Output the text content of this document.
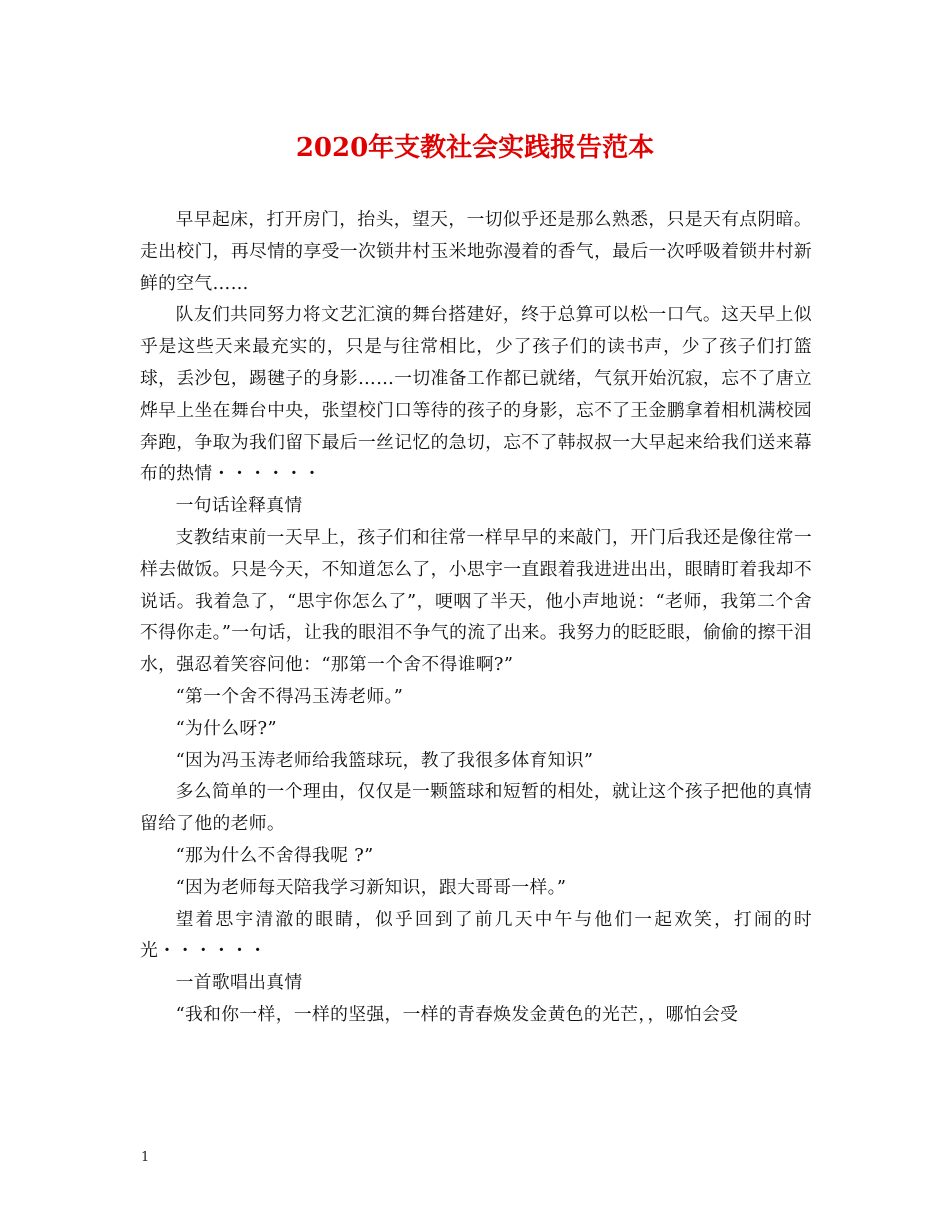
2020年支教社会实践报告范本

早早起床，打开房门，抬头，望天，一切似乎还是那么熟悉，只是天有点阴暗。走出校门，再尽情的享受一次锁井村玉米地弥漫着的香气，最后一次呼吸着锁井村新鲜的空气……

队友们共同努力将文艺汇演的舞台搭建好，终于总算可以松一口气。这天早上似乎是这些天来最充实的，只是与往常相比，少了孩子们的读书声，少了孩子们打篮球，丢沙包，踢毽子的身影……一切准备工作都已就绪，气氛开始沉寂，忘不了唐立烨早上坐在舞台中央，张望校门口等待的孩子的身影，忘不了王金鹏拿着相机满校园奔跑，争取为我们留下最后一丝记忆的急切，忘不了韩叔叔一大早起来给我们送来幕布的热情・・・・・・

一句话诠释真情

支教结束前一天早上，孩子们和往常一样早早的来敲门，开门后我还是像往常一样去做饭。只是今天，不知道怎么了，小思宇一直跟着我进进出出，眼睛盯着我却不说话。我着急了，“思宇你怎么了”，哽咽了半天，他小声地说：“老师，我第二个舍不得你走。”一句话，让我的眼泪不争气的流了出来。我努力的眨眨眼，偷偷的擦干泪水，强忍着笑容问他：“那第一个舍不得谁啊?”

“第一个舍不得冯玉涛老师。”

“为什么呀?”

“因为冯玉涛老师给我篮球玩，教了我很多体育知识”

多么简单的一个理由，仅仅是一颗篮球和短暂的相处，就让这个孩子把他的真情留给了他的老师。

“那为什么不舍得我呢 ?”

“因为老师每天陪我学习新知识，跟大哥哥一样。”

望着思宇清澈的眼睛，似乎回到了前几天中午与他们一起欢笑，打闹的时光・・・・・・

一首歌唱出真情

“我和你一样，一样的坚强，一样的青春焕发金黄色的光芒，，哪怕会受

1
